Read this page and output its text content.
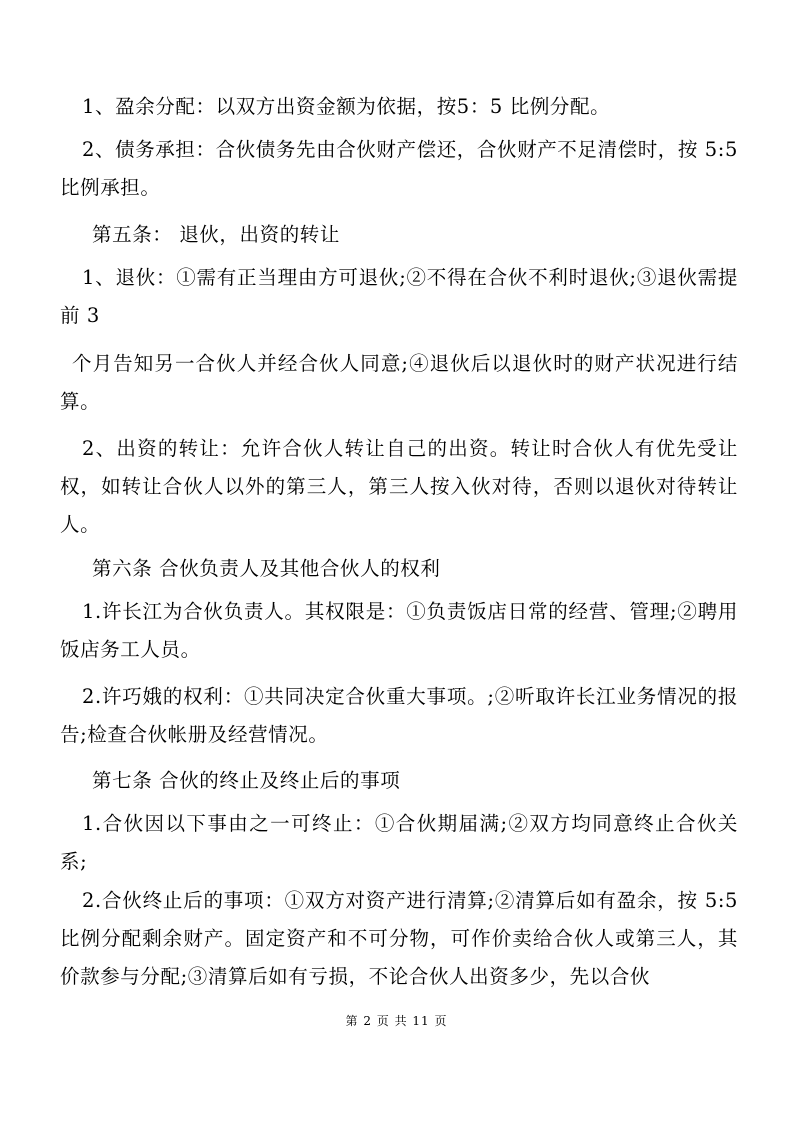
1、盈余分配：以双方出资金额为依据，按5：5 比例分配。

2、债务承担：合伙债务先由合伙财产偿还，合伙财产不足清偿时，按 5:5 比例承担。

第五条： 退伙，出资的转让

1、退伙：①需有正当理由方可退伙;②不得在合伙不利时退伙;③退伙需提前 3

个月告知另一合伙人并经合伙人同意;④退伙后以退伙时的财产状况进行结算。

2、出资的转让：允许合伙人转让自己的出资。转让时合伙人有优先受让权，如转让合伙人以外的第三人，第三人按入伙对待，否则以退伙对待转让人。

第六条 合伙负责人及其他合伙人的权利

1.许长江为合伙负责人。其权限是：①负责饭店日常的经营、管理;②聘用饭店务工人员。

2.许巧娥的权利：①共同决定合伙重大事项。;②听取许长江业务情况的报告;检查合伙帐册及经营情况。

第七条 合伙的终止及终止后的事项

1.合伙因以下事由之一可终止：①合伙期届满;②双方均同意终止合伙关系;

2.合伙终止后的事项：①双方对资产进行清算;②清算后如有盈余，按 5:5 比例分配剩余财产。固定资产和不可分物，可作价卖给合伙人或第三人，其价款参与分配;③清算后如有亏损，不论合伙人出资多少，先以合伙

第 2 页 共 11 页
